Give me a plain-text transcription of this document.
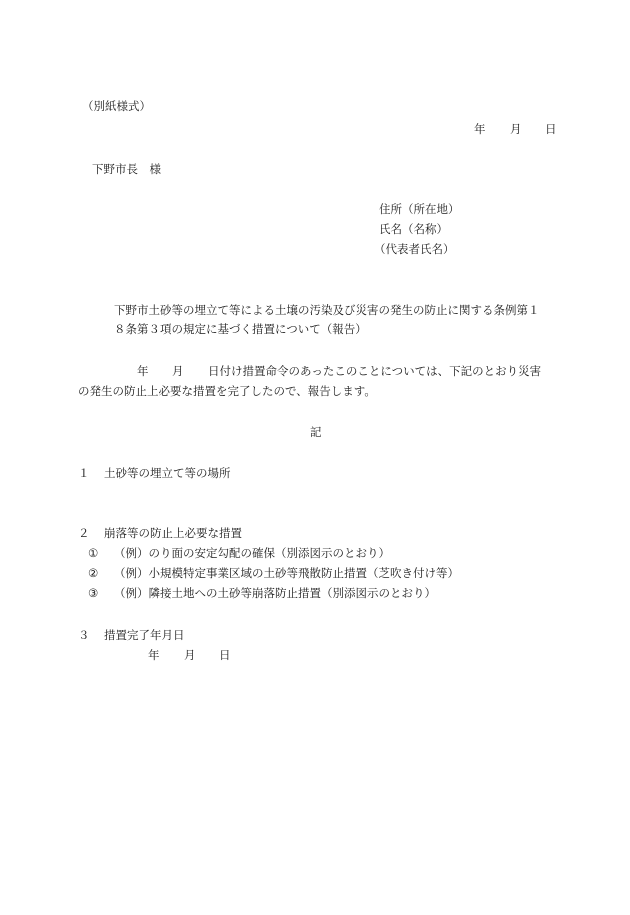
（別紙様式）
年 月 日
下野市長　様
住所（所在地）
氏名（名称）
（代表者氏名）
下野市土砂等の埋立て等による土壌の汚染及び災害の発生の防止に関する条例第１
８条第３項の規定に基づく措置について（報告）
年 月 日付け措置命令のあったこのことについては、下記のとおり災害
の発生の防止上必要な措置を完了したので、報告します。
記
１ 土砂等の埋立て等の場所
２ 崩落等の防止上必要な措置
① （例）のり面の安定勾配の確保（別添図示のとおり）
② （例）小規模特定事業区域の土砂等飛散防止措置（芝吹き付け等）
③ （例）隣接土地への土砂等崩落防止措置（別添図示のとおり）
３ 措置完了年月日
年 月 日
